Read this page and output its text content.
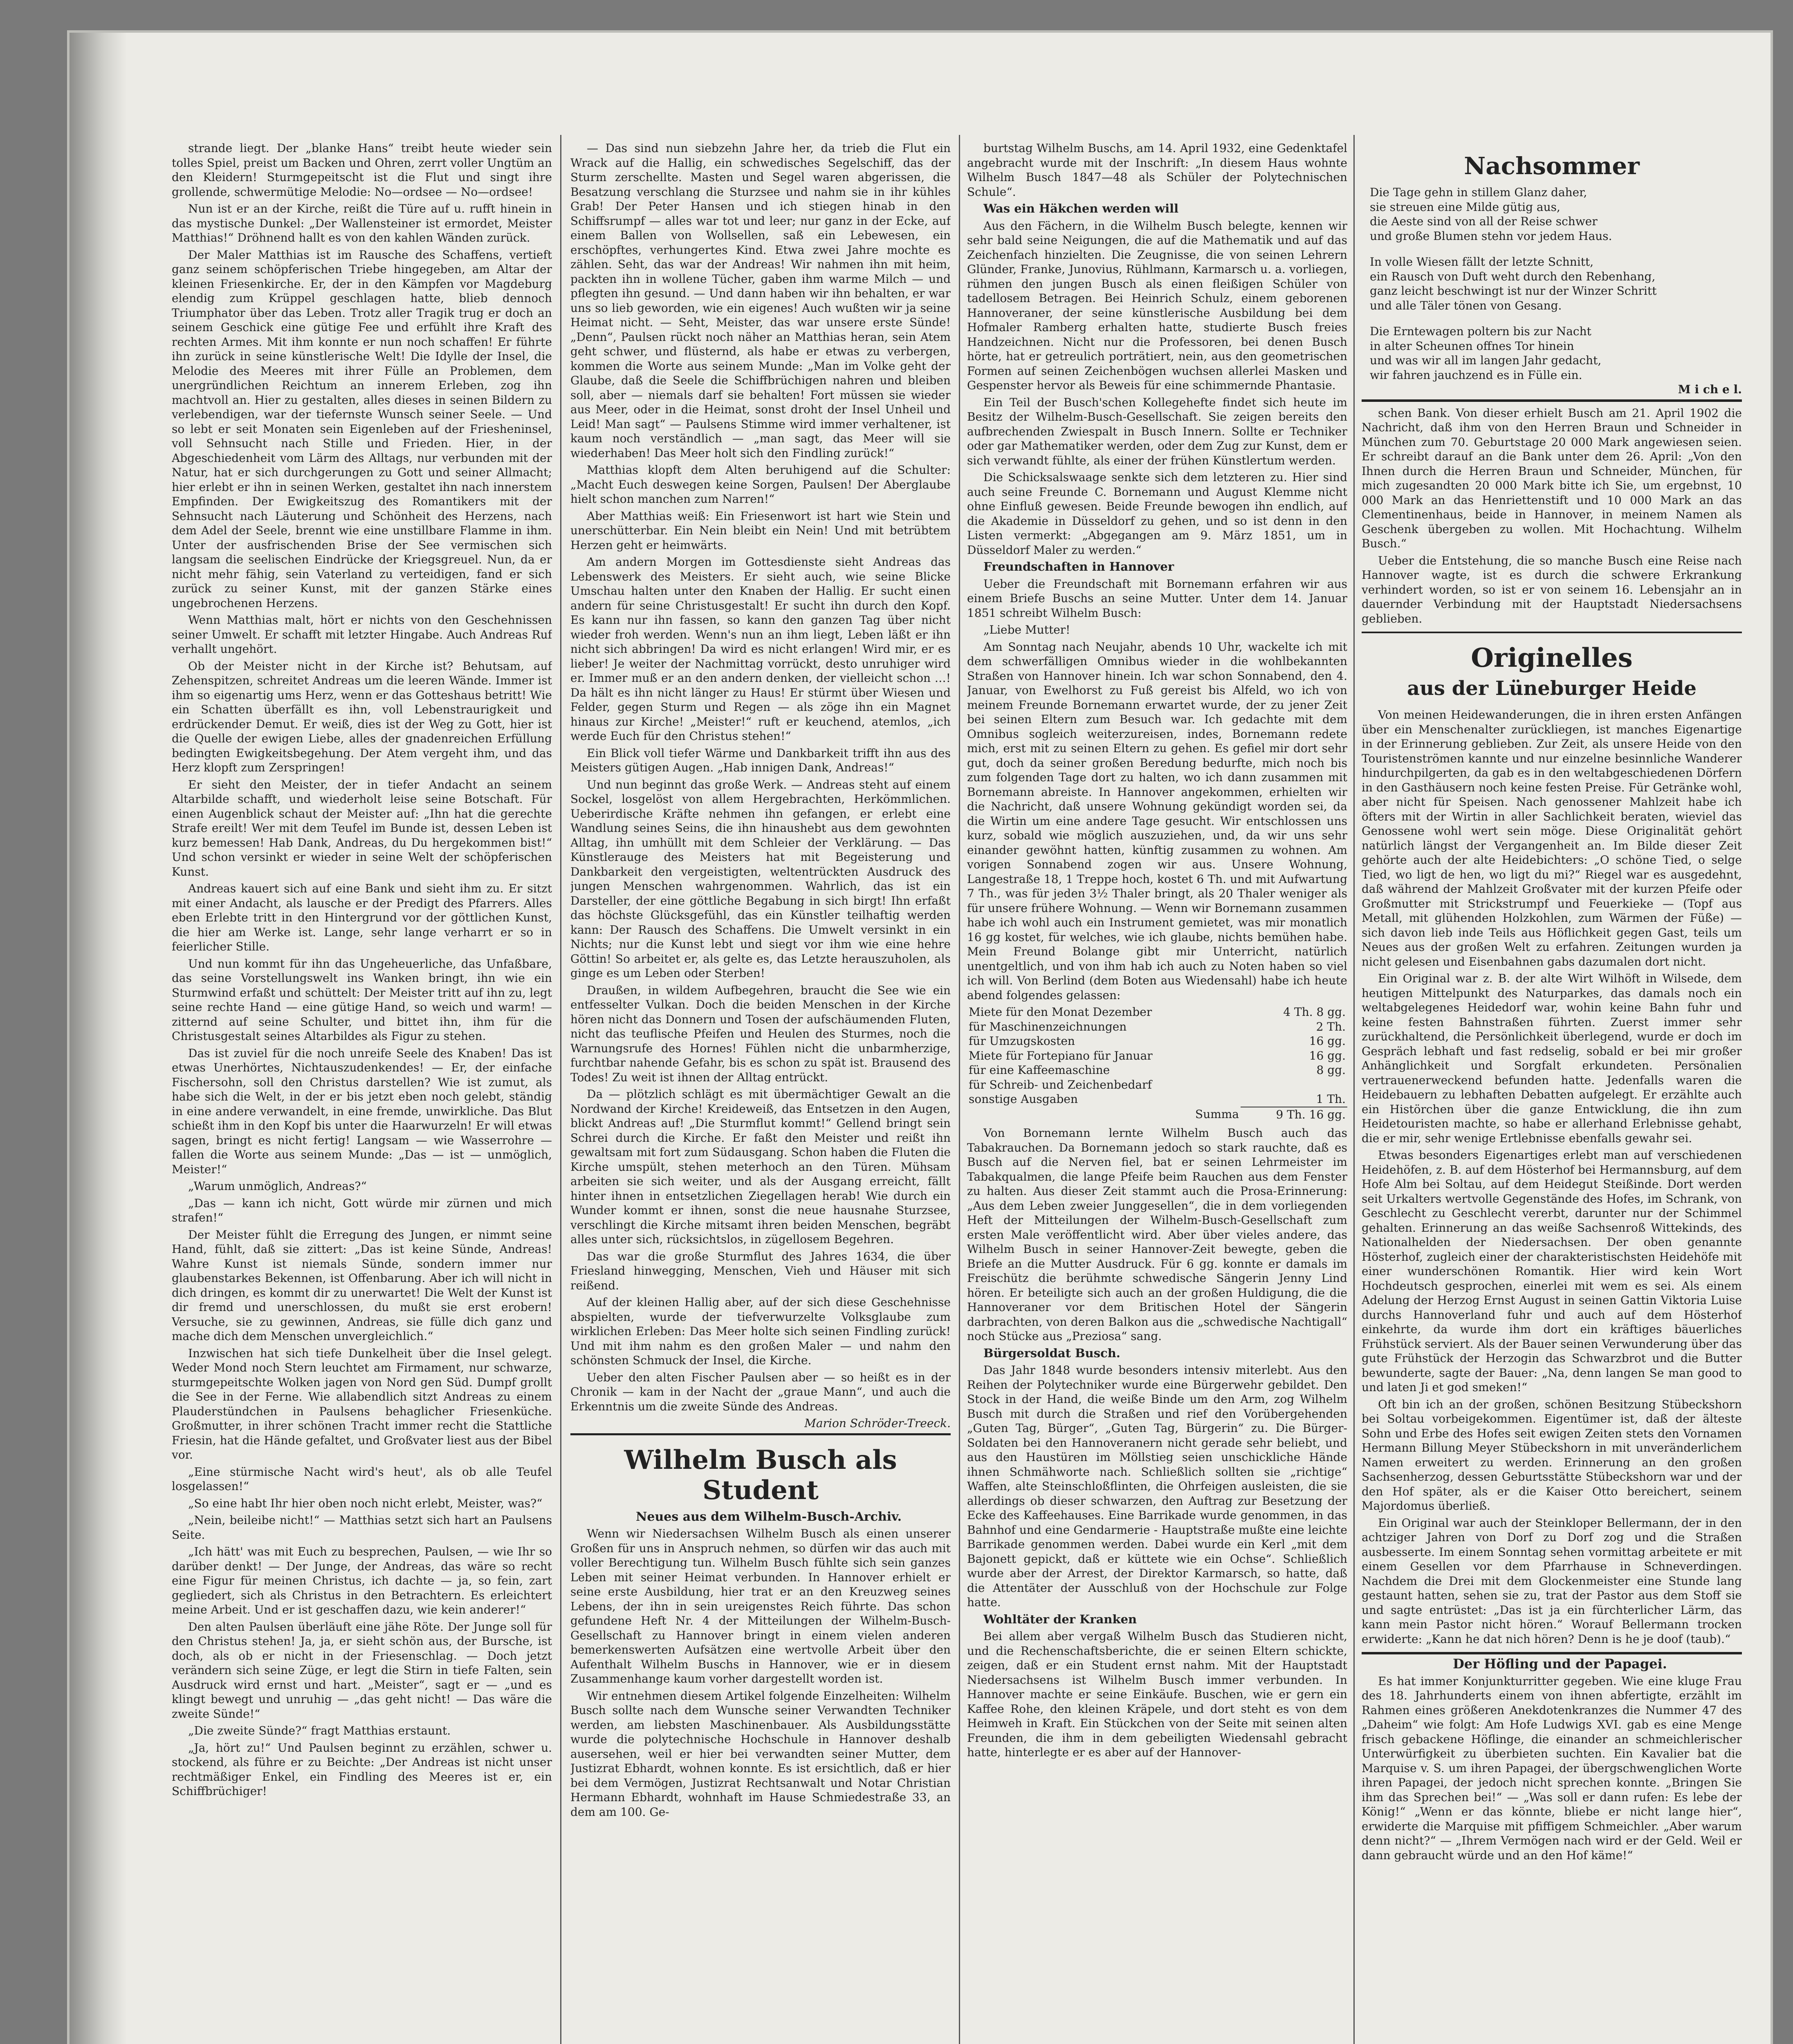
strande liegt. Der „blanke Hans“ treibt heute wieder sein tolles Spiel, preist um Backen und Ohren, zerrt voller Ungtüm an den Kleidern! Sturmgepeitscht ist die Flut und singt ihre grollende, schwermütige Melodie: No—ordsee — No—ordsee!

Nun ist er an der Kirche, reißt die Türe auf u. rufft hinein in das mystische Dunkel: „Der Wallensteiner ist ermordet, Meister Matthias!“ Dröhnend hallt es von den kahlen Wänden zurück.

Der Maler Matthias ist im Rausche des Schaffens, vertieft ganz seinem schöpferischen Triebe hingegeben, am Altar der kleinen Friesenkirche. Er, der in den Kämpfen vor Magdeburg elendig zum Krüppel geschlagen hatte, blieb dennoch Triumphator über das Leben. Trotz aller Tragik trug er doch an seinem Geschick eine gütige Fee und erfühlt ihre Kraft des rechten Armes. Mit ihm konnte er nun noch schaffen! Er führte ihn zurück in seine künstlerische Welt! Die Idylle der Insel, die Melodie des Meeres mit ihrer Fülle an Problemen, dem unergründlichen Reichtum an innerem Erleben, zog ihn machtvoll an. Hier zu gestalten, alles dieses in seinen Bildern zu verlebendigen, war der tiefernste Wunsch seiner Seele. — Und so lebt er seit Monaten sein Eigenleben auf der Friesheninsel, voll Sehnsucht nach Stille und Frieden. Hier, in der Abgeschiedenheit vom Lärm des Alltags, nur verbunden mit der Natur, hat er sich durchgerungen zu Gott und seiner Allmacht; hier erlebt er ihn in seinen Werken, gestaltet ihn nach innerstem Empfinden. Der Ewigkeitszug des Romantikers mit der Sehnsucht nach Läuterung und Schönheit des Herzens, nach dem Adel der Seele, brennt wie eine unstillbare Flamme in ihm. Unter der ausfrischenden Brise der See vermischen sich langsam die seelischen Eindrücke der Kriegsgreuel. Nun, da er nicht mehr fähig, sein Vaterland zu verteidigen, fand er sich zurück zu seiner Kunst, mit der ganzen Stärke eines ungebrochenen Herzens.

Wenn Matthias malt, hört er nichts von den Geschehnissen seiner Umwelt. Er schafft mit letzter Hingabe. Auch Andreas Ruf verhallt ungehört.

Ob der Meister nicht in der Kirche ist? Behutsam, auf Zehenspitzen, schreitet Andreas um die leeren Wände. Immer ist ihm so eigenartig ums Herz, wenn er das Gotteshaus betritt! Wie ein Schatten überfällt es ihn, voll Lebenstraurigkeit und erdrückender Demut. Er weiß, dies ist der Weg zu Gott, hier ist die Quelle der ewigen Liebe, alles der gnadenreichen Erfüllung bedingten Ewigkeitsbegehung. Der Atem vergeht ihm, und das Herz klopft zum Zerspringen!

Er sieht den Meister, der in tiefer Andacht an seinem Altarbilde schafft, und wiederholt leise seine Botschaft. Für einen Augenblick schaut der Meister auf: „Ihn hat die gerechte Strafe ereilt! Wer mit dem Teufel im Bunde ist, dessen Leben ist kurz bemessen! Hab Dank, Andreas, du Du hergekommen bist!“ Und schon versinkt er wieder in seine Welt der schöpferischen Kunst.

Andreas kauert sich auf eine Bank und sieht ihm zu. Er sitzt mit einer Andacht, als lausche er der Predigt des Pfarrers. Alles eben Erlebte tritt in den Hintergrund vor der göttlichen Kunst, die hier am Werke ist. Lange, sehr lange verharrt er so in feierlicher Stille.

Und nun kommt für ihn das Ungeheuerliche, das Unfaßbare, das seine Vorstellungswelt ins Wanken bringt, ihn wie ein Sturmwind erfaßt und schüttelt: Der Meister tritt auf ihn zu, legt seine rechte Hand — eine gütige Hand, so weich und warm! — zitternd auf seine Schulter, und bittet ihn, ihm für die Christusgestalt seines Altarbildes als Figur zu stehen.

Das ist zuviel für die noch unreife Seele des Knaben! Das ist etwas Unerhörtes, Nichtauszudenkendes! — Er, der einfache Fischersohn, soll den Christus darstellen? Wie ist zumut, als habe sich die Welt, in der er bis jetzt eben noch gelebt, ständig in eine andere verwandelt, in eine fremde, unwirkliche. Das Blut schießt ihm in den Kopf bis unter die Haarwurzeln! Er will etwas sagen, bringt es nicht fertig! Langsam — wie Wasserrohre — fallen die Worte aus seinem Munde: „Das — ist — unmöglich, Meister!“

„Warum unmöglich, Andreas?“

„Das — kann ich nicht, Gott würde mir zürnen und mich strafen!“

Der Meister fühlt die Erregung des Jungen, er nimmt seine Hand, fühlt, daß sie zittert: „Das ist keine Sünde, Andreas! Wahre Kunst ist niemals Sünde, sondern immer nur glaubenstarkes Bekennen, ist Offenbarung. Aber ich will nicht in dich dringen, es kommt dir zu unerwartet! Die Welt der Kunst ist dir fremd und unerschlossen, du mußt sie erst erobern! Versuche, sie zu gewinnen, Andreas, sie fülle dich ganz und mache dich dem Menschen unvergleichlich.“

Inzwischen hat sich tiefe Dunkelheit über die Insel gelegt. Weder Mond noch Stern leuchtet am Firmament, nur schwarze, sturmgepeitschte Wolken jagen von Nord gen Süd. Dumpf grollt die See in der Ferne. Wie allabendlich sitzt Andreas zu einem Plauderstündchen in Paulsens behaglicher Friesenküche. Großmutter, in ihrer schönen Tracht immer recht die Stattliche Friesin, hat die Hände gefaltet, und Großvater liest aus der Bibel vor.

„Eine stürmische Nacht wird's heut', als ob alle Teufel losgelassen!“

„So eine habt Ihr hier oben noch nicht erlebt, Meister, was?“

„Nein, beileibe nicht!“ — Matthias setzt sich hart an Paulsens Seite.

„Ich hätt' was mit Euch zu besprechen, Paulsen, — wie Ihr so darüber denkt! — Der Junge, der Andreas, das wäre so recht eine Figur für meinen Christus, ich dachte — ja, so fein, zart gegliedert, sich als Christus in den Betrachtern. Es erleichtert meine Arbeit. Und er ist geschaffen dazu, wie kein anderer!“

Den alten Paulsen überläuft eine jähe Röte. Der Junge soll für den Christus stehen! Ja, ja, er sieht schön aus, der Bursche, ist doch, als ob er nicht in der Friesenschlag. — Doch jetzt verändern sich seine Züge, er legt die Stirn in tiefe Falten, sein Ausdruck wird ernst und hart. „Meister“, sagt er — „und es klingt bewegt und unruhig — „das geht nicht! — Das wäre die zweite Sünde!“

„Die zweite Sünde?“ fragt Matthias erstaunt.

„Ja, hört zu!“ Und Paulsen beginnt zu erzählen, schwer u. stockend, als führe er zu Beichte: „Der Andreas ist nicht unser rechtmäßiger Enkel, ein Findling des Meeres ist er, ein Schiffbrüchiger!

— Das sind nun siebzehn Jahre her, da trieb die Flut ein Wrack auf die Hallig, ein schwedisches Segelschiff, das der Sturm zerschellte. Masten und Segel waren abgerissen, die Besatzung verschlang die Sturzsee und nahm sie in ihr kühles Grab! Der Peter Hansen und ich stiegen hinab in den Schiffsrumpf — alles war tot und leer; nur ganz in der Ecke, auf einem Ballen von Wollsellen, saß ein Lebewesen, ein erschöpftes, verhungertes Kind. Etwa zwei Jahre mochte es zählen. Seht, das war der Andreas! Wir nahmen ihn mit heim, packten ihn in wollene Tücher, gaben ihm warme Milch — und pflegten ihn gesund. — Und dann haben wir ihn behalten, er war uns so lieb geworden, wie ein eigenes! Auch wußten wir ja seine Heimat nicht. — Seht, Meister, das war unsere erste Sünde! „Denn“, Paulsen rückt noch näher an Matthias heran, sein Atem geht schwer, und flüsternd, als habe er etwas zu verbergen, kommen die Worte aus seinem Munde: „Man im Volke geht der Glaube, daß die Seele die Schiffbrüchigen nahren und bleiben soll, aber — niemals darf sie behalten! Fort müssen sie wieder aus Meer, oder in die Heimat, sonst droht der Insel Unheil und Leid! Man sagt“ — Paulsens Stimme wird immer verhaltener, ist kaum noch verständlich — „man sagt, das Meer will sie wiederhaben! Das Meer holt sich den Findling zurück!“

Matthias klopft dem Alten beruhigend auf die Schulter: „Macht Euch deswegen keine Sorgen, Paulsen! Der Aberglaube hielt schon manchen zum Narren!“

Aber Matthias weiß: Ein Friesenwort ist hart wie Stein und unerschütterbar. Ein Nein bleibt ein Nein! Und mit betrübtem Herzen geht er heimwärts.

Am andern Morgen im Gottesdienste sieht Andreas das Lebenswerk des Meisters. Er sieht auch, wie seine Blicke Umschau halten unter den Knaben der Hallig. Er sucht einen andern für seine Christusgestalt! Er sucht ihn durch den Kopf. Es kann nur ihn fassen, so kann den ganzen Tag über nicht wieder froh werden. Wenn's nun an ihm liegt, Leben läßt er ihn nicht sich abbringen! Da wird es nicht erlangen! Wird mir, er es lieber! Je weiter der Nachmittag vorrückt, desto unruhiger wird er. Immer muß er an den andern denken, der vielleicht schon …! Da hält es ihn nicht länger zu Haus! Er stürmt über Wiesen und Felder, gegen Sturm und Regen — als zöge ihn ein Magnet hinaus zur Kirche! „Meister!“ ruft er keuchend, atemlos, „ich werde Euch für den Christus stehen!“

Ein Blick voll tiefer Wärme und Dankbarkeit trifft ihn aus des Meisters gütigen Augen. „Hab innigen Dank, Andreas!“

Und nun beginnt das große Werk. — Andreas steht auf einem Sockel, losgelöst von allem Hergebrachten, Herkömmlichen. Ueberirdische Kräfte nehmen ihn gefangen, er erlebt eine Wandlung seines Seins, die ihn hinaushebt aus dem gewohnten Alltag, ihn umhüllt mit dem Schleier der Verklärung. — Das Künstlerauge des Meisters hat mit Begeisterung und Dankbarkeit den vergeistigten, weltentrückten Ausdruck des jungen Menschen wahrgenommen. Wahrlich, das ist ein Darsteller, der eine göttliche Begabung in sich birgt! Ihn erfaßt das höchste Glücksgefühl, das ein Künstler teilhaftig werden kann: Der Rausch des Schaffens. Die Umwelt versinkt in ein Nichts; nur die Kunst lebt und siegt vor ihm wie eine hehre Göttin! So arbeitet er, als gelte es, das Letzte herauszuholen, als ginge es um Leben oder Sterben!

Draußen, in wildem Aufbegehren, braucht die See wie ein entfesselter Vulkan. Doch die beiden Menschen in der Kirche hören nicht das Donnern und Tosen der aufschäumenden Fluten, nicht das teuflische Pfeifen und Heulen des Sturmes, noch die Warnungsrufe des Hornes! Fühlen nicht die unbarmherzige, furchtbar nahende Gefahr, bis es schon zu spät ist. Brausend des Todes! Zu weit ist ihnen der Alltag entrückt.

Da — plötzlich schlägt es mit übermächtiger Gewalt an die Nordwand der Kirche! Kreideweiß, das Entsetzen in den Augen, blickt Andreas auf! „Die Sturmflut kommt!“ Gellend bringt sein Schrei durch die Kirche. Er faßt den Meister und reißt ihn gewaltsam mit fort zum Südausgang. Schon haben die Fluten die Kirche umspült, stehen meterhoch an den Türen. Mühsam arbeiten sie sich weiter, und als der Ausgang erreicht, fällt hinter ihnen in entsetzlichen Ziegellagen herab! Wie durch ein Wunder kommt er ihnen, sonst die neue hausnahe Sturzsee, verschlingt die Kirche mitsamt ihren beiden Menschen, begräbt alles unter sich, rücksichtslos, in zügellosem Begehren.

Das war die große Sturmflut des Jahres 1634, die über Friesland hinwegging, Menschen, Vieh und Häuser mit sich reißend.

Auf der kleinen Hallig aber, auf der sich diese Geschehnisse abspielten, wurde der tiefverwurzelte Volksglaube zum wirklichen Erleben: Das Meer holte sich seinen Findling zurück! Und mit ihm nahm es den großen Maler — und nahm den schönsten Schmuck der Insel, die Kirche.

Ueber den alten Fischer Paulsen aber — so heißt es in der Chronik — kam in der Nacht der „graue Mann“, und auch die Erkenntnis um die zweite Sünde des Andreas.

Marion Schröder-Treeck.

Wilhelm Busch als Student

Neues aus dem Wilhelm-Busch-Archiv.

Wenn wir Niedersachsen Wilhelm Busch als einen unserer Großen für uns in Anspruch nehmen, so dürfen wir das auch mit voller Berechtigung tun. Wilhelm Busch fühlte sich sein ganzes Leben mit seiner Heimat verbunden. In Hannover erhielt er seine erste Ausbildung, hier trat er an den Kreuzweg seines Lebens, der ihn in sein ureigenstes Reich führte. Das schon gefundene Heft Nr. 4 der Mitteilungen der Wilhelm-Busch-Gesellschaft zu Hannover bringt in einem vielen anderen bemerkenswerten Aufsätzen eine wertvolle Arbeit über den Aufenthalt Wilhelm Buschs in Hannover, wie er in diesem Zusammenhange kaum vorher dargestellt worden ist.

Wir entnehmen diesem Artikel folgende Einzelheiten: Wilhelm Busch sollte nach dem Wunsche seiner Verwandten Techniker werden, am liebsten Maschinenbauer. Als Ausbildungsstätte wurde die polytechnische Hochschule in Hannover deshalb ausersehen, weil er hier bei verwandten seiner Mutter, dem Justizrat Ebhardt, wohnen konnte. Es ist ersichtlich, daß er hier bei dem Vermögen, Justizrat Rechtsanwalt und Notar Christian Hermann Ebhardt, wohnhaft im Hause Schmiedestraße 33, an dem am 100. Ge-

burtstag Wilhelm Buschs, am 14. April 1932, eine Gedenktafel angebracht wurde mit der Inschrift: „In diesem Haus wohnte Wilhelm Busch 1847—48 als Schüler der Polytechnischen Schule“.

Was ein Häkchen werden will

Aus den Fächern, in die Wilhelm Busch belegte, kennen wir sehr bald seine Neigungen, die auf die Mathematik und auf das Zeichenfach hinzielten. Die Zeugnisse, die von seinen Lehrern Glünder, Franke, Junovius, Rühlmann, Karmarsch u. a. vorliegen, rühmen den jungen Busch als einen fleißigen Schüler von tadellosem Betragen. Bei Heinrich Schulz, einem geborenen Hannoveraner, der seine künstlerische Ausbildung bei dem Hofmaler Ramberg erhalten hatte, studierte Busch freies Handzeichnen. Nicht nur die Professoren, bei denen Busch hörte, hat er getreulich porträtiert, nein, aus den geometrischen Formen auf seinen Zeichenbögen wuchsen allerlei Masken und Gespenster hervor als Beweis für eine schimmernde Phantasie.

Ein Teil der Busch'schen Kollegehefte findet sich heute im Besitz der Wilhelm-Busch-Gesellschaft. Sie zeigen bereits den aufbrechenden Zwiespalt in Busch Innern. Sollte er Techniker oder gar Mathematiker werden, oder dem Zug zur Kunst, dem er sich verwandt fühlte, als einer der frühen Künstlertum werden.

Die Schicksalswaage senkte sich dem letzteren zu. Hier sind auch seine Freunde C. Bornemann und August Klemme nicht ohne Einfluß gewesen. Beide Freunde bewogen ihn endlich, auf die Akademie in Düsseldorf zu gehen, und so ist denn in den Listen vermerkt: „Abgegangen am 9. März 1851, um in Düsseldorf Maler zu werden.“

Freundschaften in Hannover

Ueber die Freundschaft mit Bornemann erfahren wir aus einem Briefe Buschs an seine Mutter. Unter dem 14. Januar 1851 schreibt Wilhelm Busch:

„Liebe Mutter!

Am Sonntag nach Neujahr, abends 10 Uhr, wackelte ich mit dem schwerfälligen Omnibus wieder in die wohlbekannten Straßen von Hannover hinein. Ich war schon Sonnabend, den 4. Januar, von Ewelhorst zu Fuß gereist bis Alfeld, wo ich von meinem Freunde Bornemann erwartet wurde, der zu jener Zeit bei seinen Eltern zum Besuch war. Ich gedachte mit dem Omnibus sogleich weiterzureisen, indes, Bornemann redete mich, erst mit zu seinen Eltern zu gehen. Es gefiel mir dort sehr gut, doch da seiner großen Beredung bedurfte, mich noch bis zum folgenden Tage dort zu halten, wo ich dann zusammen mit Bornemann abreiste. In Hannover angekommen, erhielten wir die Nachricht, daß unsere Wohnung gekündigt worden sei, da die Wirtin um eine andere Tage gesucht. Wir entschlossen uns kurz, sobald wie möglich auszuziehen, und, da wir uns sehr einander gewöhnt hatten, künftig zusammen zu wohnen. Am vorigen Sonnabend zogen wir aus. Unsere Wohnung, Langestraße 18, 1 Treppe hoch, kostet 6 Th. und mit Aufwartung 7 Th., was für jeden 3½ Thaler bringt, als 20 Thaler weniger als für unsere frühere Wohnung. — Wenn wir Bornemann zusammen habe ich wohl auch ein Instrument gemietet, was mir monatlich 16 gg kostet, für welches, wie ich glaube, nichts bemühen habe. Mein Freund Bolange gibt mir Unterricht, natürlich unentgeltlich, und von ihm hab ich auch zu Noten haben so viel ich will. Von Berlind (dem Boten aus Wiedensahl) habe ich heute abend folgendes gelassen:

Miete für den Monat Dezember	4 Th. 8 gg.
für Maschinenzeichnungen	2 Th.
für Umzugskosten	16 gg.
Miete für Fortepiano für Januar	16 gg.
für eine Kaffeemaschine	8 gg.
für Schreib- und Zeichenbedarf	
sonstige Ausgaben	1 Th.
Summa	9 Th. 16 gg.

Von Bornemann lernte Wilhelm Busch auch das Tabakrauchen. Da Bornemann jedoch so stark rauchte, daß es Busch auf die Nerven fiel, bat er seinen Lehrmeister im Tabakqualmen, die lange Pfeife beim Rauchen aus dem Fenster zu halten. Aus dieser Zeit stammt auch die Prosa-Erinnerung: „Aus dem Leben zweier Junggesellen“, die in dem vorliegenden Heft der Mitteilungen der Wilhelm-Busch-Gesellschaft zum ersten Male veröffentlicht wird. Aber über vieles andere, das Wilhelm Busch in seiner Hannover-Zeit bewegte, geben die Briefe an die Mutter Ausdruck. Für 6 gg. konnte er damals im Freischütz die berühmte schwedische Sängerin Jenny Lind hören. Er beteiligte sich auch an der großen Huldigung, die die Hannoveraner vor dem Britischen Hotel der Sängerin darbrachten, von deren Balkon aus die „schwedische Nachtigall“ noch Stücke aus „Preziosa“ sang.

Bürgersoldat Busch.

Das Jahr 1848 wurde besonders intensiv miterlebt. Aus den Reihen der Polytechniker wurde eine Bürgerwehr gebildet. Den Stock in der Hand, die weiße Binde um den Arm, zog Wilhelm Busch mit durch die Straßen und rief den Vorübergehenden „Guten Tag, Bürger“, „Guten Tag, Bürgerin“ zu. Die Bürger-Soldaten bei den Hannoveranern nicht gerade sehr beliebt, und aus den Haustüren im Möllstieg seien unschickliche Hände ihnen Schmähworte nach. Schließlich sollten sie „richtige“ Waffen, alte Steinschloßflinten, die Ohrfeigen ausleisten, die sie allerdings ob dieser schwarzen, den Auftrag zur Besetzung der Ecke des Kaffeehauses. Eine Barrikade wurde genommen, in das Bahnhof und eine Gendarmerie - Hauptstraße mußte eine leichte Barrikade genommen werden. Dabei wurde ein Kerl „mit dem Bajonett gepickt, daß er küttete wie ein Ochse“. Schließlich wurde aber der Arrest, der Direktor Karmarsch, so hatte, daß die Attentäter der Ausschluß von der Hochschule zur Folge hatte.

Wohltäter der Kranken

Bei allem aber vergaß Wilhelm Busch das Studieren nicht, und die Rechenschaftsberichte, die er seinen Eltern schickte, zeigen, daß er ein Student ernst nahm. Mit der Hauptstadt Niedersachsens ist Wilhelm Busch immer verbunden. In Hannover machte er seine Einkäufe. Buschen, wie er gern ein Kaffee Rohe, den kleinen Kräpele, und dort steht es von dem Heimweh in Kraft. Ein Stückchen von der Seite mit seinen alten Freunden, die ihm in dem gebeiligten Wiedensahl gebracht hatte, hinterlegte er es aber auf der Hannover-

Nachsommer

Die Tage gehn in stillem Glanz daher,

sie streuen eine Milde gütig aus,

die Aeste sind von all der Reise schwer

und große Blumen stehn vor jedem Haus.

In volle Wiesen fällt der letzte Schnitt,

ein Rausch von Duft weht durch den Rebenhang,

ganz leicht beschwingt ist nur der Winzer Schritt

und alle Täler tönen von Gesang.

Die Erntewagen poltern bis zur Nacht

in alter Scheunen offnes Tor hinein

und was wir all im langen Jahr gedacht,

wir fahren jauchzend es in Fülle ein.

M i ch e l.

schen Bank. Von dieser erhielt Busch am 21. April 1902 die Nachricht, daß ihm von den Herren Braun und Schneider in München zum 70. Geburtstage 20 000 Mark angewiesen seien. Er schreibt darauf an die Bank unter dem 26. April: „Von den Ihnen durch die Herren Braun und Schneider, München, für mich zugesandten 20 000 Mark bitte ich Sie, um ergebnst, 10 000 Mark an das Henriettenstift und 10 000 Mark an das Clementinenhaus, beide in Hannover, in meinem Namen als Geschenk übergeben zu wollen. Mit Hochachtung. Wilhelm Busch.“

Ueber die Entstehung, die so manche Busch eine Reise nach Hannover wagte, ist es durch die schwere Erkrankung verhindert worden, so ist er von seinem 16. Lebensjahr an in dauernder Verbindung mit der Hauptstadt Niedersachsens geblieben.

Originelles
aus der Lüneburger Heide

Von meinen Heidewanderungen, die in ihren ersten Anfängen über ein Menschenalter zurückliegen, ist manches Eigenartige in der Erinnerung geblieben. Zur Zeit, als unsere Heide von den Touristenströmen kannte und nur einzelne besinnliche Wanderer hindurchpilgerten, da gab es in den weltabgeschiedenen Dörfern in den Gasthäusern noch keine festen Preise. Für Getränke wohl, aber nicht für Speisen. Nach genossener Mahlzeit habe ich öfters mit der Wirtin in aller Sachlichkeit beraten, wieviel das Genossene wohl wert sein möge. Diese Originalität gehört natürlich längst der Vergangenheit an. Im Bilde dieser Zeit gehörte auch der alte Heidebichters: „O schöne Tied, o selge Tied, wo ligt de hen, wo ligt du mi?“ Riegel war es ausgedehnt, daß während der Mahlzeit Großvater mit der kurzen Pfeife oder Großmutter mit Strickstrumpf und Feuerkieke — (Topf aus Metall, mit glühenden Holzkohlen, zum Wärmen der Füße) — sich davon lieb inde Teils aus Höflichkeit gegen Gast, teils um Neues aus der großen Welt zu erfahren. Zeitungen wurden ja nicht gelesen und Eisenbahnen gabs dazumalen dort nicht.

Ein Original war z. B. der alte Wirt Wilhöft in Wilsede, dem heutigen Mittelpunkt des Naturparkes, das damals noch ein weltabgelegenes Heidedorf war, wohin keine Bahn fuhr und keine festen Bahnstraßen führten. Zuerst immer sehr zurückhaltend, die Persönlichkeit überlegend, wurde er doch im Gespräch lebhaft und fast redselig, sobald er bei mir großer Anhänglichkeit und Sorgfalt erkundeten. Persönalien vertrauenerweckend befunden hatte. Jedenfalls waren die Heidebauern zu lebhaften Debatten aufgelegt. Er erzählte auch ein Histörchen über die ganze Entwicklung, die ihn zum Heidetouristen machte, so habe er allerhand Erlebnisse gehabt, die er mir, sehr wenige Ertlebnisse ebenfalls gewahr sei.

Etwas besonders Eigenartiges erlebt man auf verschiedenen Heidehöfen, z. B. auf dem Hösterhof bei Hermannsburg, auf dem Hofe Alm bei Soltau, auf dem Heidegut Steißinde. Dort werden seit Urkalters wertvolle Gegenstände des Hofes, im Schrank, von Geschlecht zu Geschlecht vererbt, darunter nur der Schimmel gehalten. Erinnerung an das weiße Sachsenroß Wittekinds, des Nationalhelden der Niedersachsen. Der oben genannte Hösterhof, zugleich einer der charakteristischsten Heidehöfe mit einer wunderschönen Romantik. Hier wird kein Wort Hochdeutsch gesprochen, einerlei mit wem es sei. Als einem Adelung der Herzog Ernst August in seinen Gattin Viktoria Luise durchs Hannoverland fuhr und auch auf dem Hösterhof einkehrte, da wurde ihm dort ein kräftiges bäuerliches Frühstück serviert. Als der Bauer seinen Verwunderung über das gute Frühstück der Herzogin das Schwarzbrot und die Butter bewunderte, sagte der Bauer: „Na, denn langen Se man good to und laten Ji et god smeken!“

Oft bin ich an der großen, schönen Besitzung Stübeckshorn bei Soltau vorbeigekommen. Eigentümer ist, daß der älteste Sohn und Erbe des Hofes seit ewigen Zeiten stets den Vornamen Hermann Billung Meyer Stübeckshorn in mit unveränderlichem Namen erweitert zu werden. Erinnerung an den großen Sachsenherzog, dessen Geburtsstätte Stübeckshorn war und der den Hof später, als er die Kaiser Otto bereichert, seinem Majordomus überließ.

Ein Original war auch der Steinkloper Bellermann, der in den achtziger Jahren von Dorf zu Dorf zog und die Straßen ausbesserte. Im einem Sonntag sehen vormittag arbeitete er mit einem Gesellen vor dem Pfarrhause in Schneverdingen. Nachdem die Drei mit dem Glockenmeister eine Stunde lang gestaunt hatten, sehen sie zu, trat der Pastor aus dem Stoff sie und sagte entrüstet: „Das ist ja ein fürchterlicher Lärm, das kann mein Pastor nicht hören.“ Worauf Bellermann trocken erwiderte: „Kann he dat nich hören? Denn is he je doof (taub).“

Der Höfling und der Papagei.

Es hat immer Konjunkturritter gegeben. Wie eine kluge Frau des 18. Jahrhunderts einem von ihnen abfertigte, erzählt im Rahmen eines größeren Anekdotenkranzes die Nummer 47 des „Daheim“ wie folgt: Am Hofe Ludwigs XVI. gab es eine Menge frisch gebackene Höflinge, die einander an schmeichlerischer Unterwürfigkeit zu überbieten suchten. Ein Kavalier bat die Marquise v. S. um ihren Papagei, der übergschwenglichen Worte ihren Papagei, der jedoch nicht sprechen konnte. „Bringen Sie ihm das Sprechen bei!“ — „Was soll er dann rufen: Es lebe der König!“ „Wenn er das könnte, bliebe er nicht lange hier“, erwiderte die Marquise mit pfiffigem Schmeichler. „Aber warum denn nicht?“ — „Ihrem Vermögen nach wird er der Geld. Weil er dann gebraucht würde und an den Hof käme!“
